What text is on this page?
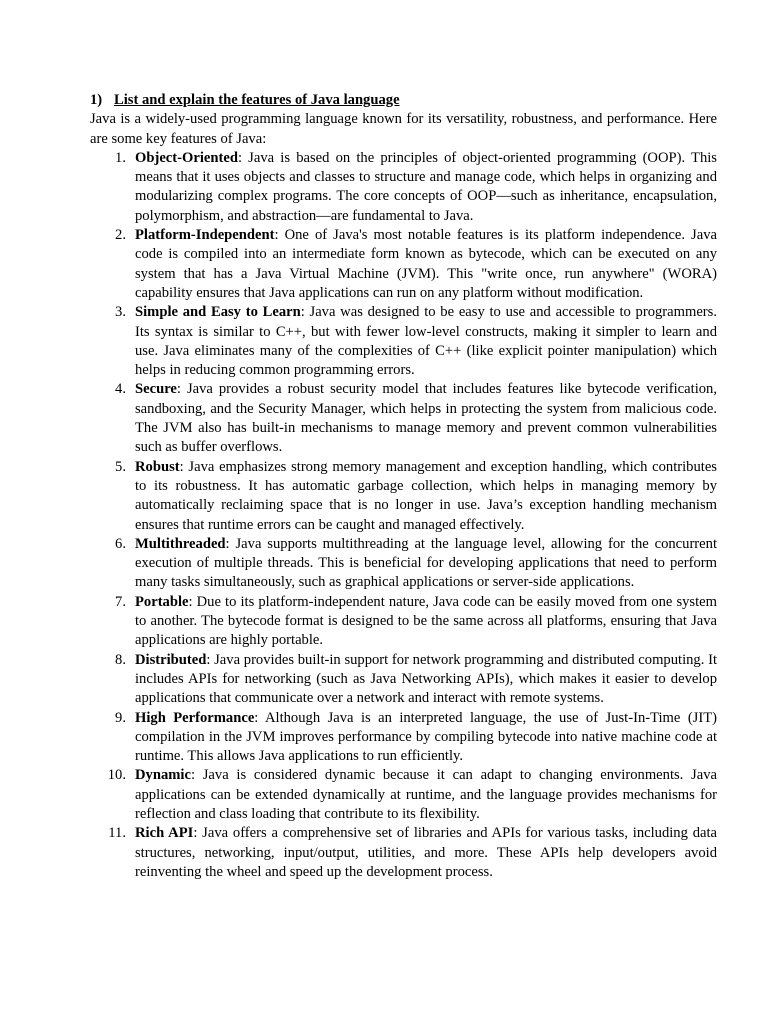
1) List and explain the features of Java language

Java is a widely-used programming language known for its versatility, robustness, and performance. Here are some key features of Java:

1. Object-Oriented: Java is based on the principles of object-oriented programming (OOP). This means that it uses objects and classes to structure and manage code, which helps in organizing and modularizing complex programs. The core concepts of OOP—such as inheritance, encapsulation, polymorphism, and abstraction—are fundamental to Java.
2. Platform-Independent: One of Java's most notable features is its platform independence. Java code is compiled into an intermediate form known as bytecode, which can be executed on any system that has a Java Virtual Machine (JVM). This "write once, run anywhere" (WORA) capability ensures that Java applications can run on any platform without modification.
3. Simple and Easy to Learn: Java was designed to be easy to use and accessible to programmers. Its syntax is similar to C++, but with fewer low-level constructs, making it simpler to learn and use. Java eliminates many of the complexities of C++ (like explicit pointer manipulation) which helps in reducing common programming errors.
4. Secure: Java provides a robust security model that includes features like bytecode verification, sandboxing, and the Security Manager, which helps in protecting the system from malicious code. The JVM also has built-in mechanisms to manage memory and prevent common vulnerabilities such as buffer overflows.
5. Robust: Java emphasizes strong memory management and exception handling, which contributes to its robustness. It has automatic garbage collection, which helps in managing memory by automatically reclaiming space that is no longer in use. Java’s exception handling mechanism ensures that runtime errors can be caught and managed effectively.
6. Multithreaded: Java supports multithreading at the language level, allowing for the concurrent execution of multiple threads. This is beneficial for developing applications that need to perform many tasks simultaneously, such as graphical applications or server-side applications.
7. Portable: Due to its platform-independent nature, Java code can be easily moved from one system to another. The bytecode format is designed to be the same across all platforms, ensuring that Java applications are highly portable.
8. Distributed: Java provides built-in support for network programming and distributed computing. It includes APIs for networking (such as Java Networking APIs), which makes it easier to develop applications that communicate over a network and interact with remote systems.
9. High Performance: Although Java is an interpreted language, the use of Just-In-Time (JIT) compilation in the JVM improves performance by compiling bytecode into native machine code at runtime. This allows Java applications to run efficiently.
10. Dynamic: Java is considered dynamic because it can adapt to changing environments. Java applications can be extended dynamically at runtime, and the language provides mechanisms for reflection and class loading that contribute to its flexibility.
11. Rich API: Java offers a comprehensive set of libraries and APIs for various tasks, including data structures, networking, input/output, utilities, and more. These APIs help developers avoid reinventing the wheel and speed up the development process.
